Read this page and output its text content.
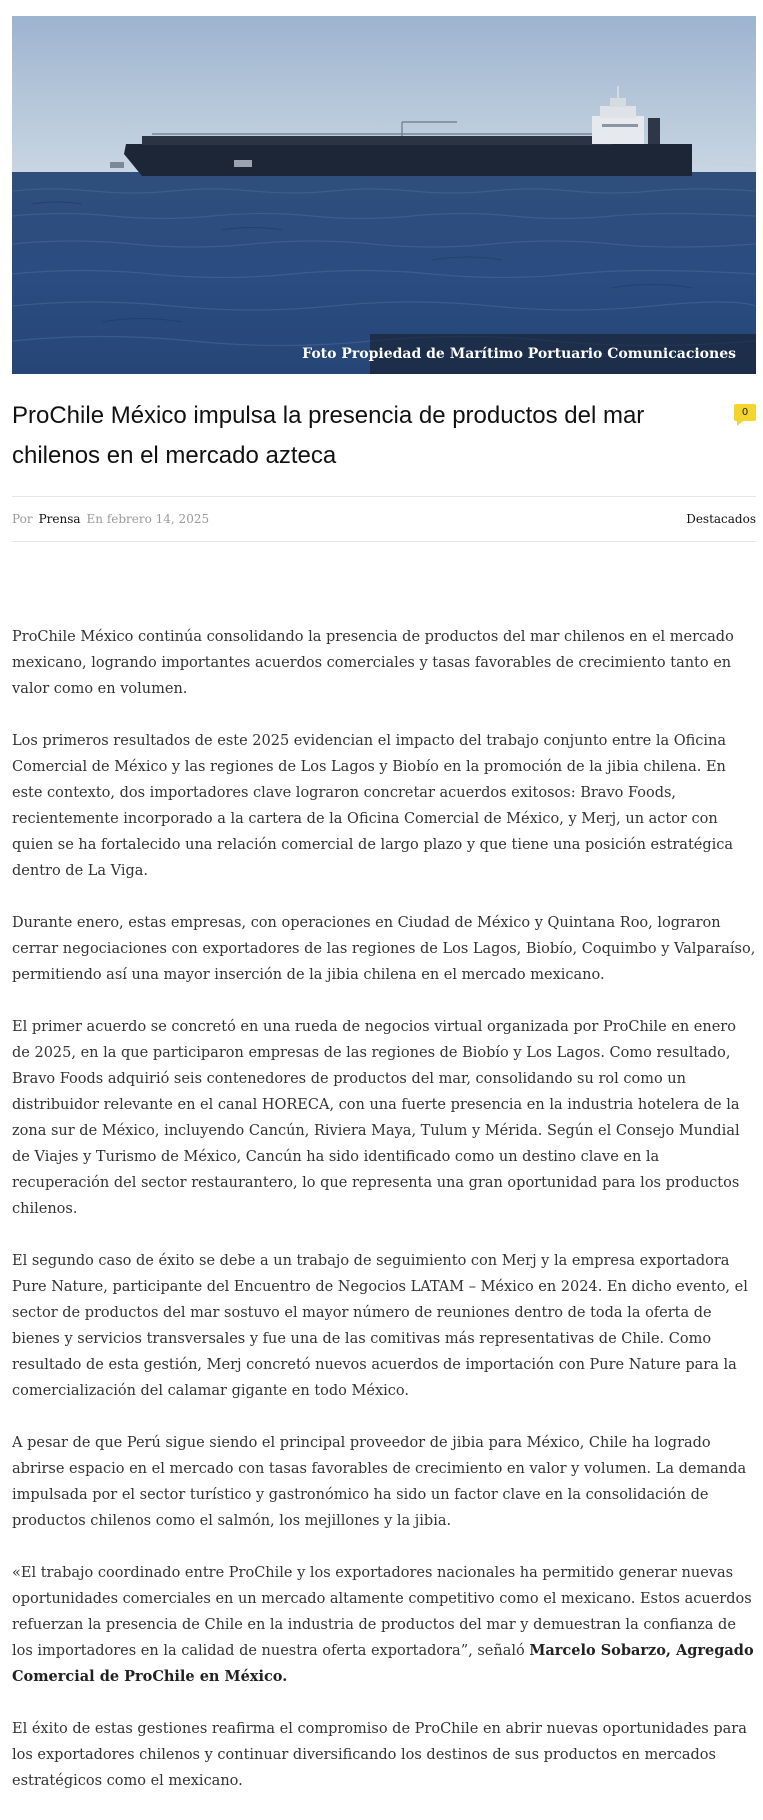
Foto Propiedad de Marítimo Portuario Comunicaciones
ProChile México impulsa la presencia de productos del mar chilenos en el mercado azteca
0
Por Prensa En febrero 14, 2025	Destacados

ProChile México continúa consolidando la presencia de productos del mar chilenos en el mercado mexicano, logrando importantes acuerdos comerciales y tasas favorables de crecimiento tanto en valor como en volumen.

Los primeros resultados de este 2025 evidencian el impacto del trabajo conjunto entre la Oficina Comercial de México y las regiones de Los Lagos y Biobío en la promoción de la jibia chilena. En este contexto, dos importadores clave lograron concretar acuerdos exitosos: Bravo Foods, recientemente incorporado a la cartera de la Oficina Comercial de México, y Merj, un actor con quien se ha fortalecido una relación comercial de largo plazo y que tiene una posición estratégica dentro de La Viga.

Durante enero, estas empresas, con operaciones en Ciudad de México y Quintana Roo, lograron cerrar negociaciones con exportadores de las regiones de Los Lagos, Biobío, Coquimbo y Valparaíso, permitiendo así una mayor inserción de la jibia chilena en el mercado mexicano.

El primer acuerdo se concretó en una rueda de negocios virtual organizada por ProChile en enero de 2025, en la que participaron empresas de las regiones de Biobío y Los Lagos. Como resultado, Bravo Foods adquirió seis contenedores de productos del mar, consolidando su rol como un distribuidor relevante en el canal HORECA, con una fuerte presencia en la industria hotelera de la zona sur de México, incluyendo Cancún, Riviera Maya, Tulum y Mérida. Según el Consejo Mundial de Viajes y Turismo de México, Cancún ha sido identificado como un destino clave en la recuperación del sector restaurantero, lo que representa una gran oportunidad para los productos chilenos.

El segundo caso de éxito se debe a un trabajo de seguimiento con Merj y la empresa exportadora Pure Nature, participante del Encuentro de Negocios LATAM – México en 2024. En dicho evento, el sector de productos del mar sostuvo el mayor número de reuniones dentro de toda la oferta de bienes y servicios transversales y fue una de las comitivas más representativas de Chile. Como resultado de esta gestión, Merj concretó nuevos acuerdos de importación con Pure Nature para la comercialización del calamar gigante en todo México.

A pesar de que Perú sigue siendo el principal proveedor de jibia para México, Chile ha logrado abrirse espacio en el mercado con tasas favorables de crecimiento en valor y volumen. La demanda impulsada por el sector turístico y gastronómico ha sido un factor clave en la consolidación de productos chilenos como el salmón, los mejillones y la jibia.

«El trabajo coordinado entre ProChile y los exportadores nacionales ha permitido generar nuevas oportunidades comerciales en un mercado altamente competitivo como el mexicano. Estos acuerdos refuerzan la presencia de Chile en la industria de productos del mar y demuestran la confianza de los importadores en la calidad de nuestra oferta exportadora”, señaló Marcelo Sobarzo, Agregado Comercial de ProChile en México.

El éxito de estas gestiones reafirma el compromiso de ProChile en abrir nuevas oportunidades para los exportadores chilenos y continuar diversificando los destinos de sus productos en mercados estratégicos como el mexicano.
